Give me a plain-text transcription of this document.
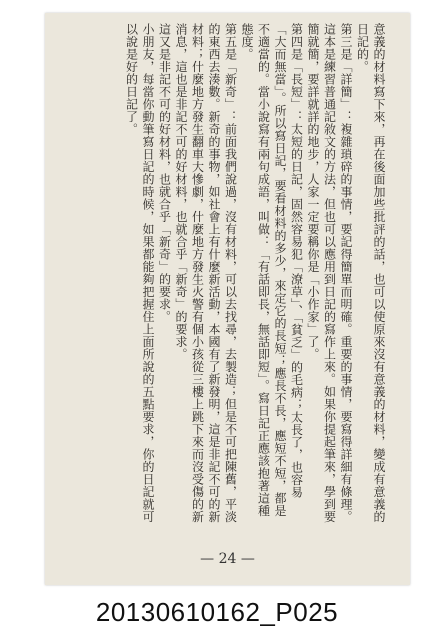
意義的材料寫下來，再在後面加些批評的話，也可以使原來沒有意義的材料，變成有意義的日記的。

第三是「詳簡」：複雜瑣碎的事情，要記得簡單而明確。重要的事情，要寫得詳細有條理。這本是練習普通記敘文的方法，但也可以應用到日記的寫作上來。如果你提起筆來，學到要簡就簡，要詳就詳的地步，人家一定要稱你是「小作家」了。

第四是「長短」：太短的日記，固然容易犯「潦草」、「貧乏」的毛病；太長了，也容易「大而無當」。所以寫日記，要看材料的多少，來定它的長短；應長不長，應短不短，都是不適當的。當小說寫有兩句成語，叫做：「有話即長，無話即短」。寫日記正應該抱著這種態度。

第五是「新奇」：前面我們說過，沒有材料，可以去找尋，去製造；但是不可把陳舊，平淡的東西去湊數。新奇的事物，如社會上有什麼新活動，本國有了新發明，這是非記不可的新材料；什麼地方發生翻車大慘劇，什麼地方發生火警有個小孩從三樓上跳下來而沒受傷的新消息，這也是非記不可的好材料，也就合乎「新奇」的要求。

這又是非記不可的好材料，也就合乎「新奇」的要求。

小朋友，每當你動筆寫日記的時候，如果都能夠把握住上面所說的五點要求，你的日記就可以說是好的日記了。

— 24 —
20130610162_P025
